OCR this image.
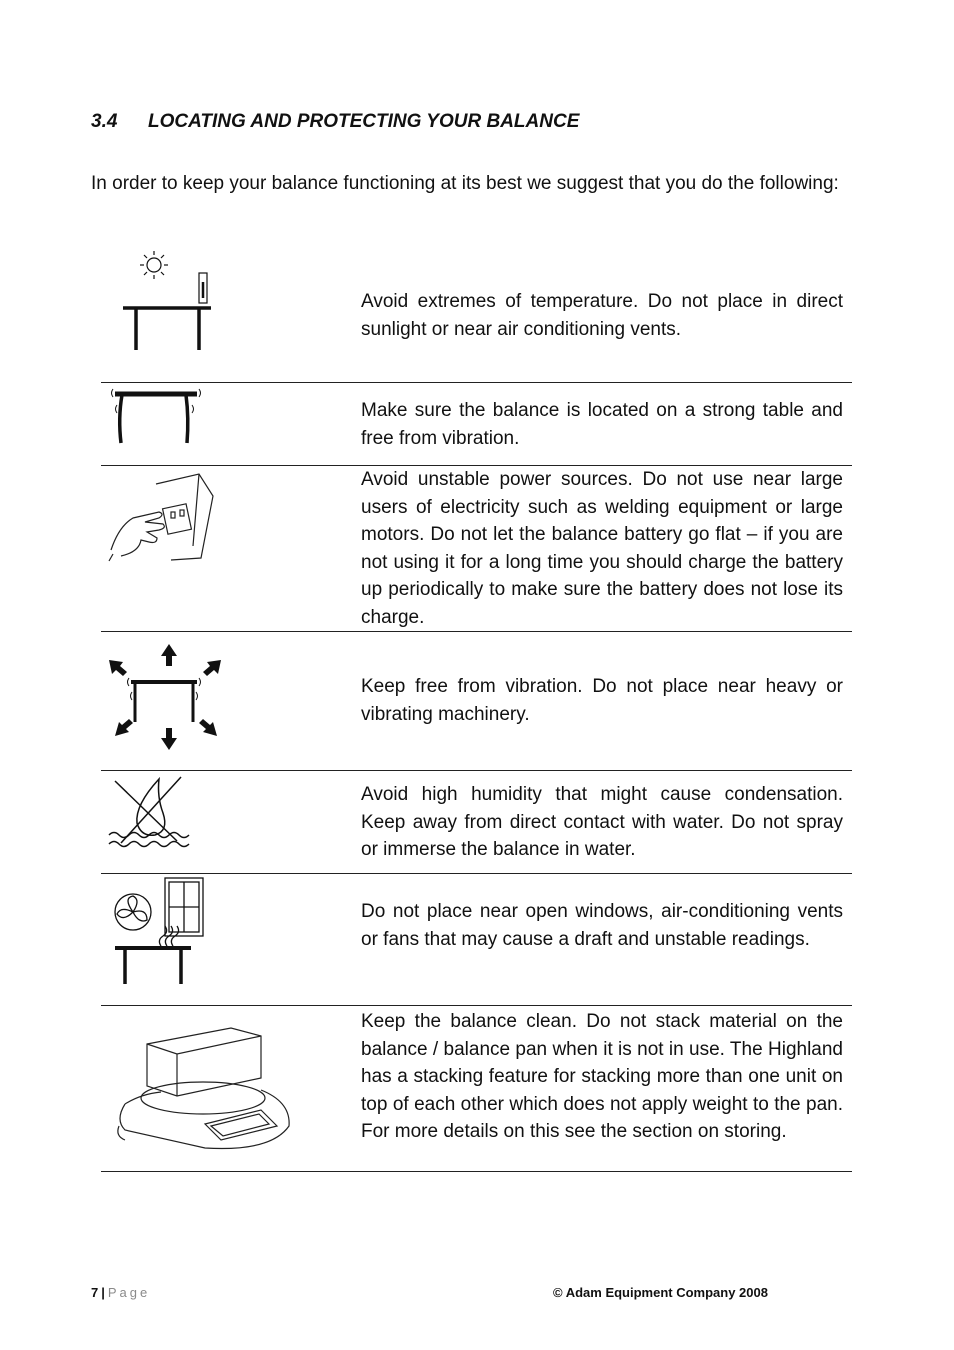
3.4 LOCATING AND PROTECTING YOUR BALANCE

In order to keep your balance functioning at its best we suggest that you do the following:

Avoid extremes of temperature. Do not place in direct sunlight or near air conditioning vents.
Make sure the balance is located on a strong table and free from vibration.
Avoid unstable power sources. Do not use near large users of electricity such as welding equipment or large motors. Do not let the balance battery go flat – if you are not using it for a long time you should charge the battery up periodically to make sure the battery does not lose its charge.
Keep free from vibration. Do not place near heavy or vibrating machinery.
Avoid high humidity that might cause condensation. Keep away from direct contact with water. Do not spray or immerse the balance in water.
Do not place near open windows, air-conditioning vents or fans that may cause a draft and unstable readings.
Keep the balance clean. Do not stack material on the balance / balance pan when it is not in use. The Highland has a stacking feature for stacking more than one unit on top of each other which does not apply weight to the pan. For more details on this see the section on storing.
7 | Page	© Adam Equipment Company 2008
